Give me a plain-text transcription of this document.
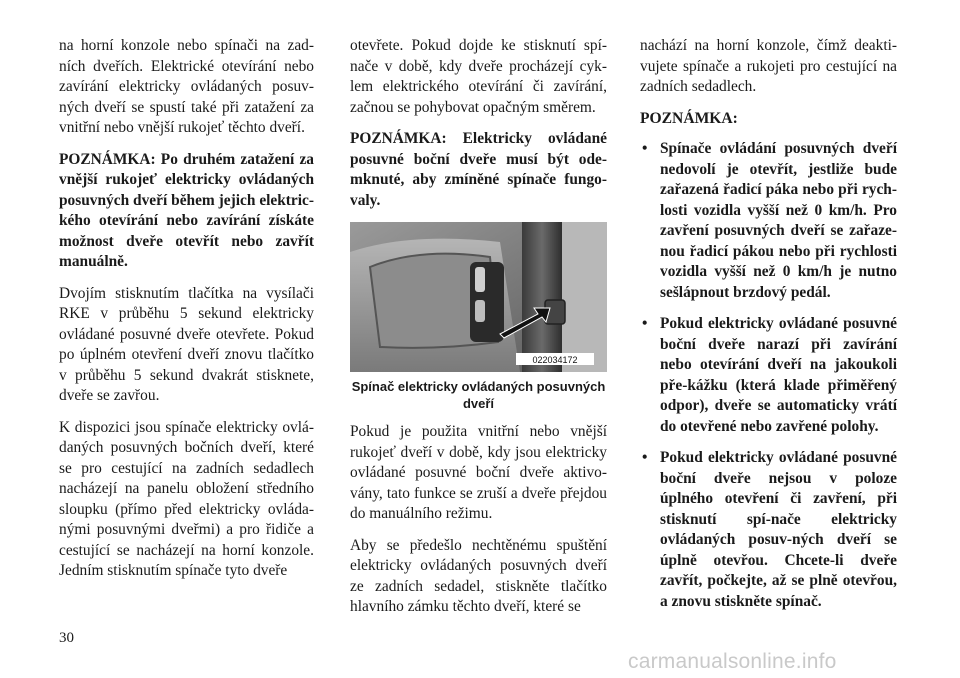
na horní konzole nebo spínači na zad-ních dveřích. Elektrické otevírání nebo zavírání elektricky ovládaných posuv-ných dveří se spustí také při zatažení za vnitřní nebo vnější rukojeť těchto dveří.

POZNÁMKA: Po druhém zatažení za vnější rukojeť elektricky ovládaných posuvných dveří během jejich elektric-kého otevírání nebo zavírání získáte možnost dveře otevřít nebo zavřít manuálně.

Dvojím stisknutím tlačítka na vysílači RKE v průběhu 5 sekund elektricky ovládané posuvné dveře otevřete. Pokud po úplném otevření dveří znovu tlačítko v průběhu 5 sekund dvakrát stisknete, dveře se zavřou.

K dispozici jsou spínače elektricky ovlá-daných posuvných bočních dveří, které se pro cestující na zadních sedadlech nacházejí na panelu obložení středního sloupku (přímo před elektricky ovláda-nými posuvnými dveřmi) a pro řidiče a cestující se nacházejí na horní konzole. Jedním stisknutím spínače tyto dveře

otevřete. Pokud dojde ke stisknutí spí-nače v době, kdy dveře procházejí cyk-lem elektrického otevírání či zavírání, začnou se pohybovat opačným směrem.

POZNÁMKA: Elektricky ovládané posuvné boční dveře musí být ode-mknuté, aby zmíněné spínače fungo-valy.

022034172
Spínač elektricky ovládaných posuvných dveří

Pokud je použita vnitřní nebo vnější rukojeť dveří v době, kdy jsou elektricky ovládané posuvné boční dveře aktivo-vány, tato funkce se zruší a dveře přejdou do manuálního režimu.

Aby se předešlo nechtěnému spuštění elektricky ovládaných posuvných dveří ze zadních sedadel, stiskněte tlačítko hlavního zámku těchto dveří, které se

nachází na horní konzole, čímž deakti-vujete spínače a rukojeti pro cestující na zadních sedadlech.

POZNÁMKA:
• Spínače ovládání posuvných dveří nedovolí je otevřít, jestliže bude zařazená řadicí páka nebo při rych-losti vozidla vyšší než 0 km/h. Pro zavření posuvných dveří se zařaze-nou řadicí pákou nebo při rychlosti vozidla vyšší než 0 km/h je nutno sešlápnout brzdový pedál.
• Pokud elektricky ovládané posuvné boční dveře narazí při zavírání nebo otevírání dveří na jakoukoli pře-kážku (která klade přiměřený odpor), dveře se automaticky vrátí do otevřené nebo zavřené polohy.
• Pokud elektricky ovládané posuvné boční dveře nejsou v poloze úplného otevření či zavření, při stisknutí spí-nače elektricky ovládaných posuv-ných dveří se úplně otevřou. Chcete-li dveře zavřít, počkejte, až se plně otevřou, a znovu stiskněte spínač.
30
carmanualsonline.info
